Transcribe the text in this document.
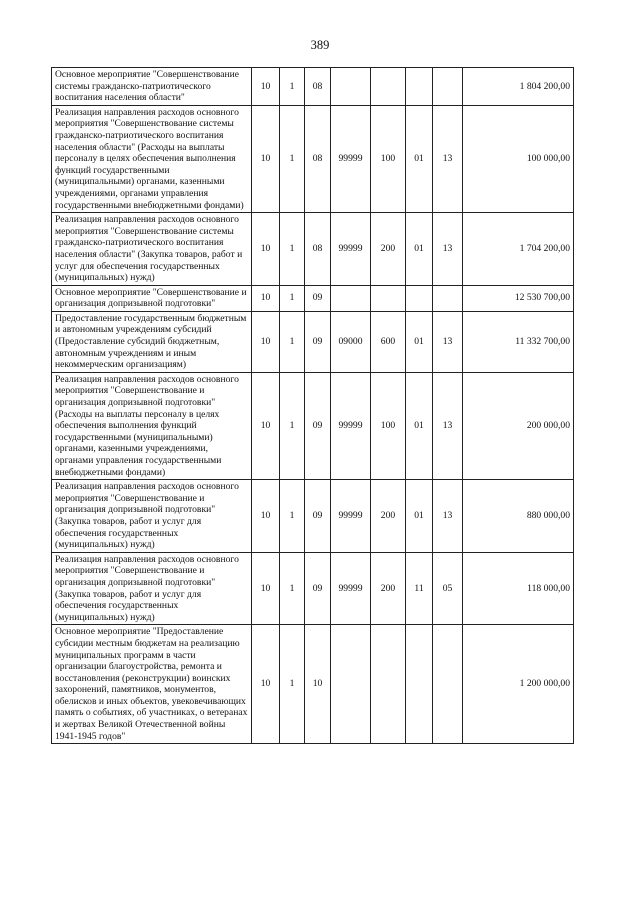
389
Основное мероприятие "Совершенствование системы гражданско-патриотического воспитания населения области"	10	1	08					1 804 200,00
Реализация направления расходов основного мероприятия "Совершенствование системы гражданско-патриотического воспитания населения области" (Расходы на выплаты персоналу в целях обеспечения выполнения функций государственными (муниципальными) органами, казенными учреждениями, органами управления государственными внебюджетными фондами)	10	1	08	99999	100	01	13	100 000,00
Реализация направления расходов основного мероприятия "Совершенствование системы гражданско-патриотического воспитания населения области" (Закупка товаров, работ и услуг для обеспечения государственных (муниципальных) нужд)	10	1	08	99999	200	01	13	1 704 200,00
Основное мероприятие "Совершенствование и организация допризывной подготовки"	10	1	09					12 530 700,00
Предоставление государственным бюджетным и автономным учреждениям субсидий (Предоставление субсидий бюджетным, автономным учреждениям и иным некоммерческим организациям)	10	1	09	09000	600	01	13	11 332 700,00
Реализация направления расходов основного мероприятия "Совершенствование и организация допризывной подготовки" (Расходы на выплаты персоналу в целях обеспечения выполнения функций государственными (муниципальными) органами, казенными учреждениями, органами управления государственными внебюджетными фондами)	10	1	09	99999	100	01	13	200 000,00
Реализация направления расходов основного мероприятия "Совершенствование и организация допризывной подготовки" (Закупка товаров, работ и услуг для обеспечения государственных (муниципальных) нужд)	10	1	09	99999	200	01	13	880 000,00
Реализация направления расходов основного мероприятия "Совершенствование и организация допризывной подготовки" (Закупка товаров, работ и услуг для обеспечения государственных (муниципальных) нужд)	10	1	09	99999	200	11	05	118 000,00
Основное мероприятие "Предоставление субсидии местным бюджетам на реализацию муниципальных программ в части организации благоустройства, ремонта и восстановления (реконструкции) воинских захоронений, памятников, монументов, обелисков и иных объектов, увековечивающих память о событиях, об участниках, о ветеранах и жертвах Великой Отечественной войны 1941-1945 годов"	10	1	10					1 200 000,00
